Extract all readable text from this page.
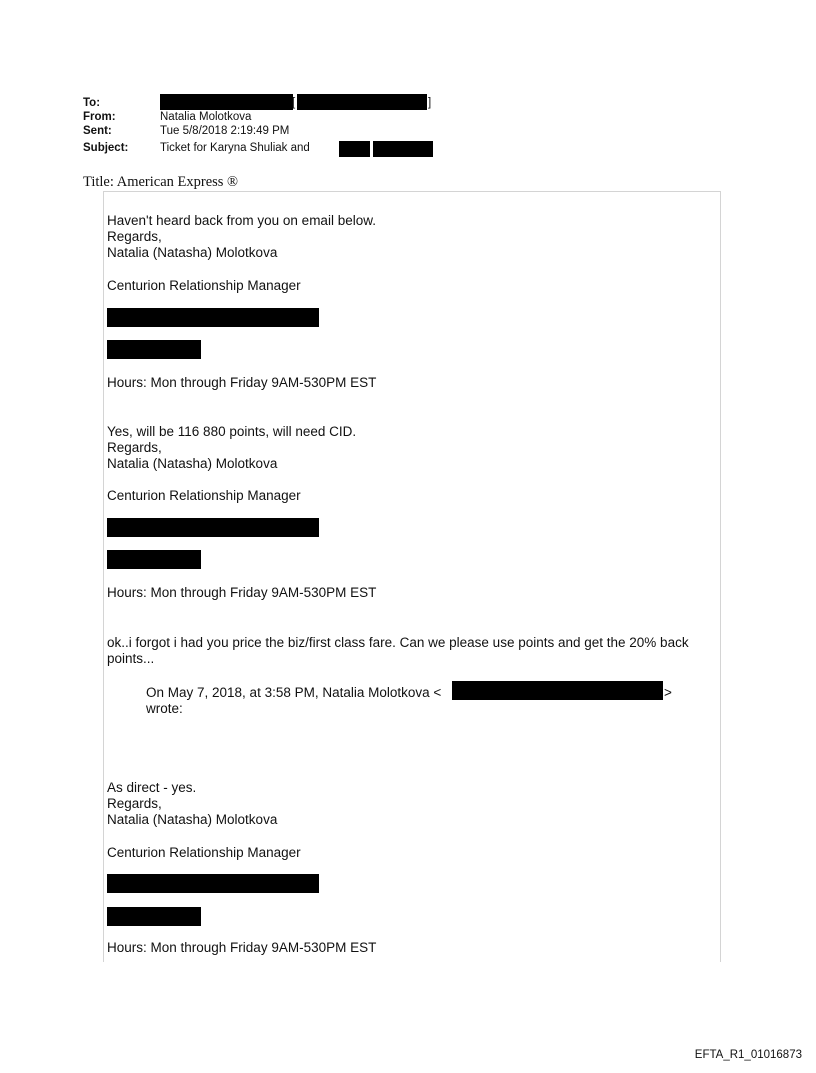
To:	[	]
From:	Natalia Molotkova
Sent:	Tue 5/8/2018 2:19:49 PM
Subject:	Ticket for Karyna Shuliak and
Title: American Express ®
Haven't heard back from you on email below.
Regards,
Natalia (Natasha) Molotkova
Centurion Relationship Manager
Hours: Mon through Friday 9AM-530PM EST
Yes, will be 116 880 points, will need CID.
Regards,
Natalia (Natasha) Molotkova
Centurion Relationship Manager
Hours: Mon through Friday 9AM-530PM EST
ok..i forgot i had you price the biz/first class fare. Can we please use points and get the 20% back points...
On May 7, 2018, at 3:58 PM, Natalia Molotkova <	>
wrote:
As direct - yes.
Regards,
Natalia (Natasha) Molotkova
Centurion Relationship Manager
Hours: Mon through Friday 9AM-530PM EST
EFTA_R1_01016873
